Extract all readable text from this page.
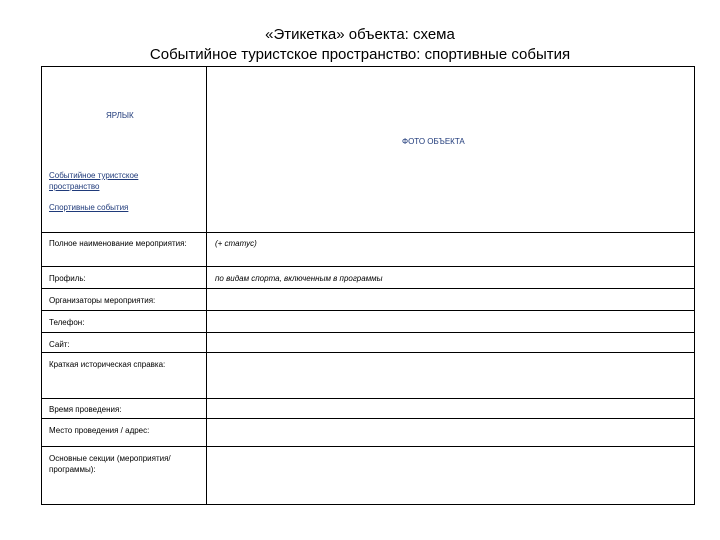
«Этикетка» объекта: схема
Событийное туристское пространство: спортивные события
ЯРЛЫК
ФОТО ОБЪЕКТА
Событийное туристское
пространство
Спортивные события
Полное наименование мероприятия:	(+ статус)
Профиль:	по видам спорта, включенным в программы
Организаторы мероприятия:
Телефон:
Сайт:
Краткая историческая справка:
Время проведения:
Место проведения / адрес:
Основные секции (мероприятия/программы):
